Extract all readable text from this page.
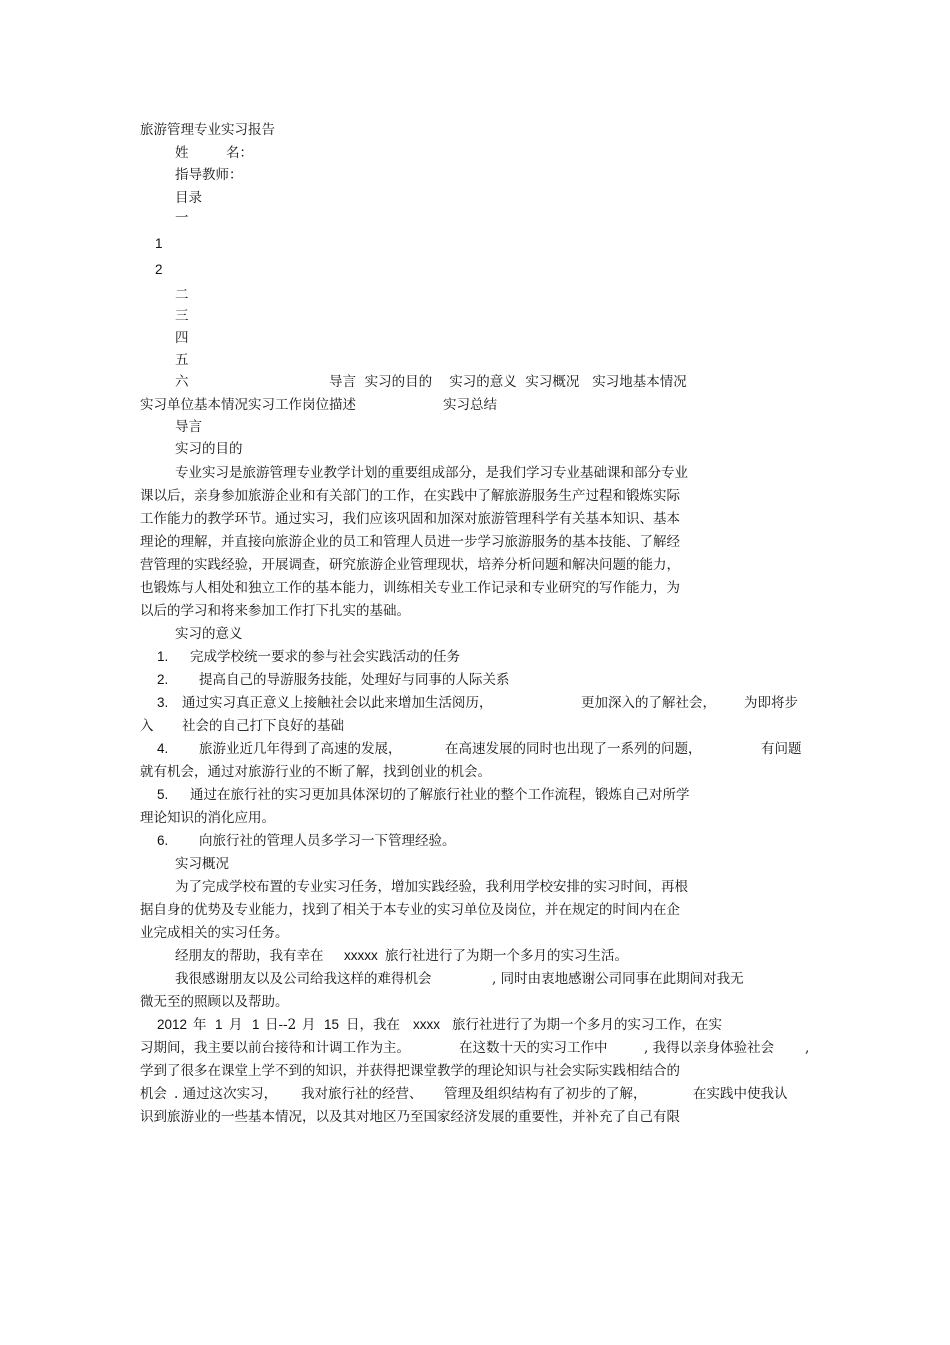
旅游管理专业实习报告
姓	名：
指导教师：
目录
一
1
2
二
三
四
五
六	导言  实习的目的    实习的意义  实习概况   实习地基本情况
实习单位基本情况实习工作岗位描述	实习总结
导言
实习的目的
专业实习是旅游管理专业教学计划的重要组成部分，是我们学习专业基础课和部分专业
课以后，亲身参加旅游企业和有关部门的工作，在实践中了解旅游服务生产过程和锻炼实际
工作能力的教学环节。通过实习，我们应该巩固和加深对旅游管理科学有关基本知识、基本
理论的理解，并直接向旅游企业的员工和管理人员进一步学习旅游服务的基本技能、了解经
营管理的实践经验，开展调查，研究旅游企业管理现状，培养分析问题和解决问题的能力，
也锻炼与人相处和独立工作的基本能力，训练相关专业工作记录和专业研究的写作能力，为
以后的学习和将来参加工作打下扎实的基础。
实习的意义
1. 完成学校统一要求的参与社会实践活动的任务
2. 提高自己的导游服务技能，处理好与同事的人际关系
3. 通过实习真正意义上接触社会以此来增加生活阅历，	更加深入的了解社会， 为即将步
入 社会的自己打下良好的基础
4. 旅游业近几年得到了高速的发展，	在高速发展的同时也出现了一系列的问题，	有问题
就有机会，通过对旅游行业的不断了解，找到创业的机会。
5. 通过在旅行社的实习更加具体深切的了解旅行社业的整个工作流程，锻炼自己对所学
理论知识的消化应用。
6. 向旅行社的管理人员多学习一下管理经验。
实习概况
为了完成学校布置的专业实习任务，增加实践经验，我利用学校安排的实习时间，再根
据自身的优势及专业能力，找到了相关于本专业的实习单位及岗位，并在规定的时间内在企
业完成相关的实习任务。
经朋友的帮助，我有幸在 xxxxx 旅行社进行了为期一个多月的实习生活。
我很感谢朋友以及公司给我这样的难得机会	, 同时由衷地感谢公司同事在此期间对我无
微无至的照顾以及帮助。
2012 年 1 月 1 日--2 月 15 日，我在 xxxx 旅行社进行了为期一个多月的实习工作，在实
习期间，我主要以前台接待和计调工作为主。	在这数十天的实习工作中	, 我得以亲身体验社会 ,
学到了很多在课堂上学不到的知识，并获得把课堂教学的理论知识与社会实际实践相结合的
机会 . 通过这次实习， 我对旅行社的经营、 管理及组织结构有了初步的了解，	在实践中使我认
识到旅游业的一些基本情况，以及其对地区乃至国家经济发展的重要性，并补充了自己有限
